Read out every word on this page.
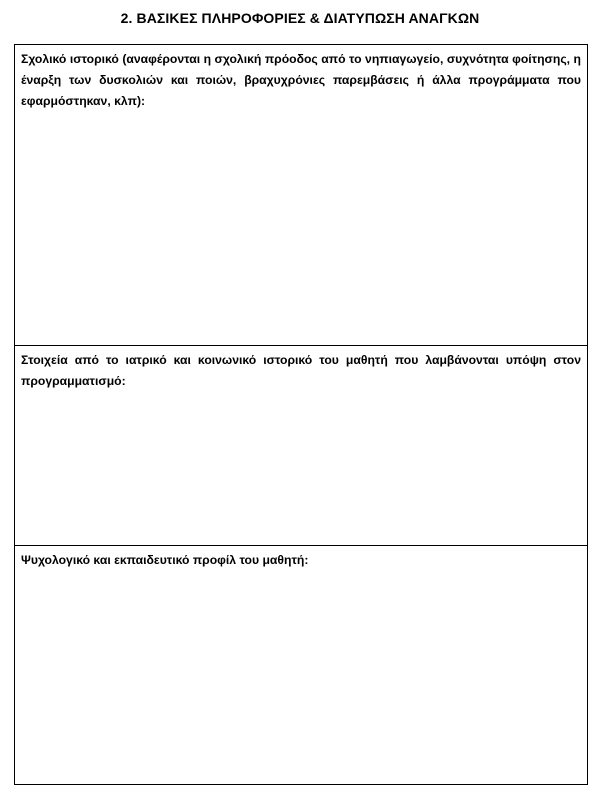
2. ΒΑΣΙΚΕΣ ΠΛΗΡΟΦΟΡΙΕΣ & ΔΙΑΤΥΠΩΣΗ ΑΝΑΓΚΩΝ

Σχολικό ιστορικό (αναφέρονται η σχολική πρόοδος από το νηπιαγωγείο, συχνότητα φοίτησης, η έναρξη των δυσκολιών και ποιών, βραχυχρόνιες παρεμβάσεις ή άλλα προγράμματα που εφαρμόστηκαν, κλπ):

Στοιχεία από το ιατρικό και κοινωνικό ιστορικό του μαθητή που λαμβάνονται υπόψη στον προγραμματισμό:

Ψυχολογικό και εκπαιδευτικό προφίλ του μαθητή:
